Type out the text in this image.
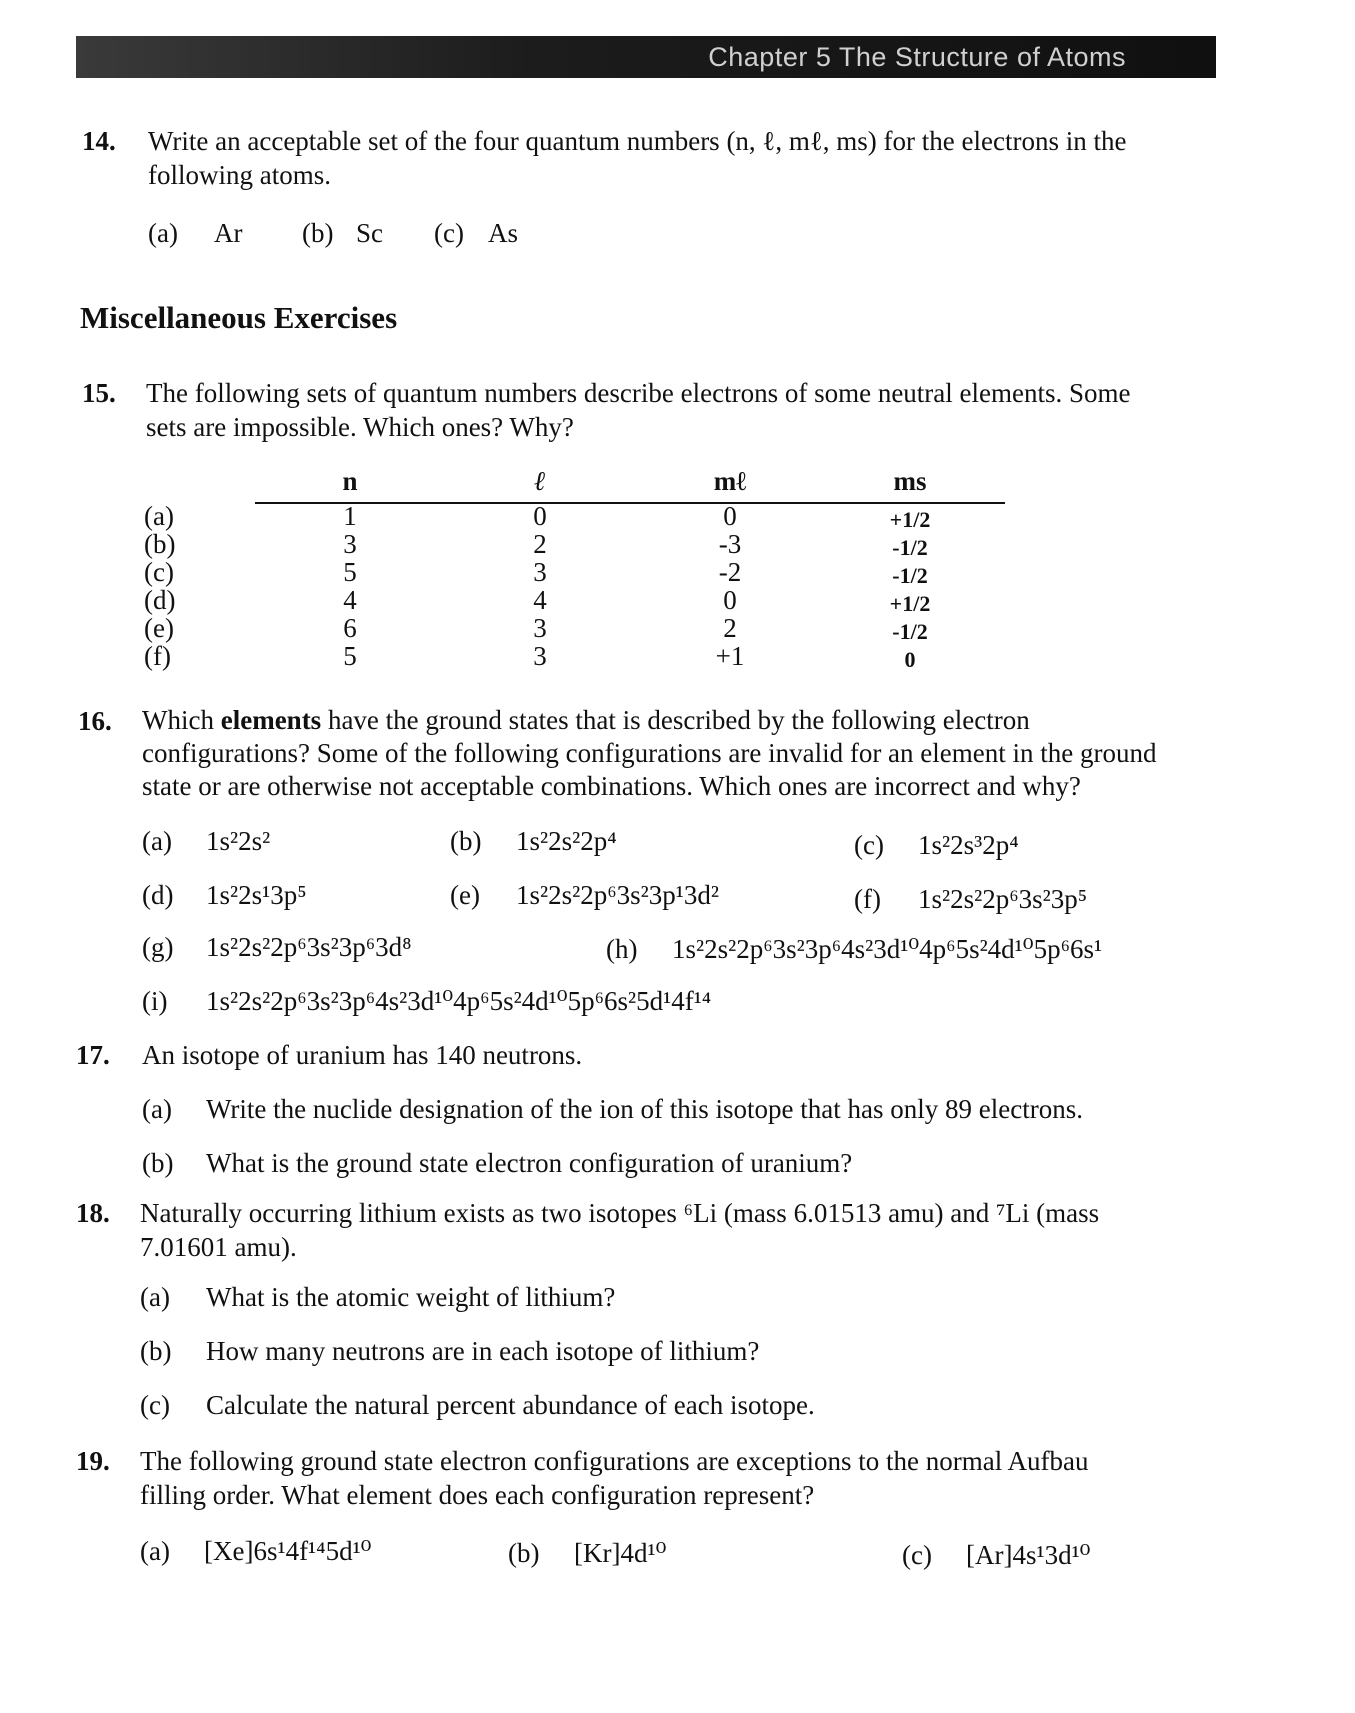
Chapter 5 The Structure of Atoms
14. Write an acceptable set of the four quantum numbers (n, ℓ, mℓ, ms) for the electrons in the
following atoms.
(a) Ar (b) Sc (c) As
Miscellaneous Exercises
15. The following sets of quantum numbers describe electrons of some neutral elements. Some
sets are impossible. Which ones? Why?
n	ℓ	mℓ	ms
(a)	1	0	0	+1/2
(b)	3	2	-3	-1/2
(c)	5	3	-2	-1/2
(d)	4	4	0	+1/2
(e)	6	3	2	-1/2
(f)	5	3	+1	0
16. Which elements have the ground states that is described by the following electron
configurations? Some of the following configurations are invalid for an element in the ground
state or are otherwise not acceptable combinations. Which ones are incorrect and why?
(a) 1s²2s²	(b) 1s²2s²2p⁴	(c) 1s²2s³2p⁴
(d) 1s²2s¹3p⁵	(e) 1s²2s²2p⁶3s²3p¹3d²	(f) 1s²2s²2p⁶3s²3p⁵
(g) 1s²2s²2p⁶3s²3p⁶3d⁸	(h) 1s²2s²2p⁶3s²3p⁶4s²3d¹⁰4p⁶5s²4d¹⁰5p⁶6s¹
(i) 1s²2s²2p⁶3s²3p⁶4s²3d¹⁰4p⁶5s²4d¹⁰5p⁶6s²5d¹4f¹⁴
17. An isotope of uranium has 140 neutrons.
(a) Write the nuclide designation of the ion of this isotope that has only 89 electrons.
(b) What is the ground state electron configuration of uranium?
18. Naturally occurring lithium exists as two isotopes ⁶Li (mass 6.01513 amu) and ⁷Li (mass
7.01601 amu).
(a) What is the atomic weight of lithium?
(b) How many neutrons are in each isotope of lithium?
(c) Calculate the natural percent abundance of each isotope.
19. The following ground state electron configurations are exceptions to the normal Aufbau
filling order. What element does each configuration represent?
(a) [Xe]6s¹4f¹⁴5d¹⁰	(b) [Kr]4d¹⁰	(c) [Ar]4s¹3d¹⁰
